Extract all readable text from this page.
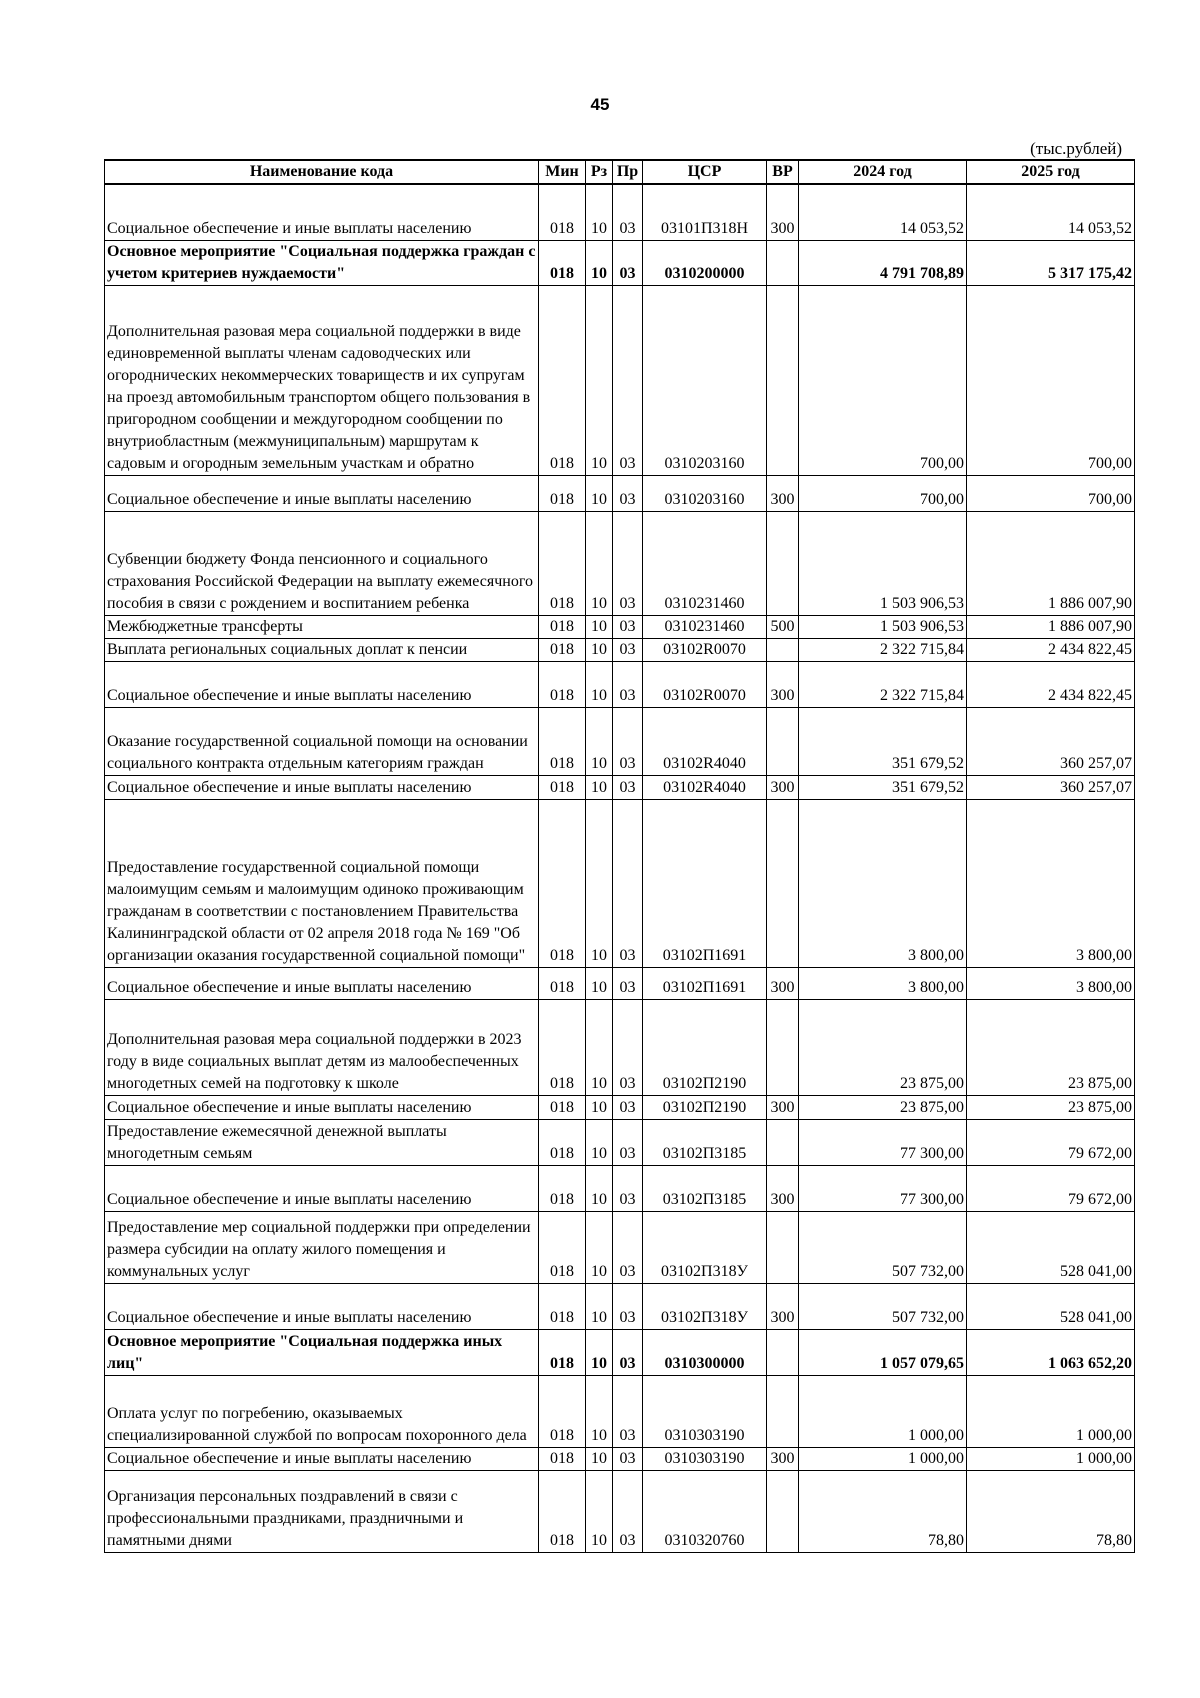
45
(тыс.рублей)
Наименование кода	Мин	Рз	Пр	ЦСР	ВР	2024 год	2025 год
Социальное обеспечение и иные выплаты населению	018	10	03	03101П318Н	300	14 053,52	14 053,52
Основное мероприятие "Социальная поддержка граждан с учетом критериев нуждаемости"	018	10	03	0310200000		4 791 708,89	5 317 175,42
Дополнительная разовая мера социальной поддержки в виде единовременной выплаты членам садоводческих или огороднических некоммерческих товариществ и их супругам на проезд автомобильным транспортом общего пользования в пригородном сообщении и междугородном сообщении по внутриобластным (межмуниципальным) маршрутам к садовым и огородным земельным участкам и обратно	018	10	03	0310203160		700,00	700,00
Социальное обеспечение и иные выплаты населению	018	10	03	0310203160	300	700,00	700,00
Субвенции бюджету Фонда пенсионного и социального страхования Российской Федерации на выплату ежемесячного пособия в связи с рождением и воспитанием ребенка	018	10	03	0310231460		1 503 906,53	1 886 007,90
Межбюджетные трансферты	018	10	03	0310231460	500	1 503 906,53	1 886 007,90
Выплата региональных социальных доплат к пенсии	018	10	03	03102R0070		2 322 715,84	2 434 822,45
Социальное обеспечение и иные выплаты населению	018	10	03	03102R0070	300	2 322 715,84	2 434 822,45
Оказание государственной социальной помощи на основании социального контракта отдельным категориям граждан	018	10	03	03102R4040		351 679,52	360 257,07
Социальное обеспечение и иные выплаты населению	018	10	03	03102R4040	300	351 679,52	360 257,07
Предоставление государственной социальной помощи малоимущим семьям и малоимущим одиноко проживающим гражданам в соответствии с постановлением Правительства Калининградской области от 02 апреля 2018 года № 169 "Об организации оказания государственной социальной помощи"	018	10	03	03102П1691		3 800,00	3 800,00
Социальное обеспечение и иные выплаты населению	018	10	03	03102П1691	300	3 800,00	3 800,00
Дополнительная разовая мера социальной поддержки в 2023 году в виде социальных выплат детям из малообеспеченных многодетных семей на подготовку к школе	018	10	03	03102П2190		23 875,00	23 875,00
Социальное обеспечение и иные выплаты населению	018	10	03	03102П2190	300	23 875,00	23 875,00
Предоставление ежемесячной денежной выплаты многодетным семьям	018	10	03	03102П3185		77 300,00	79 672,00
Социальное обеспечение и иные выплаты населению	018	10	03	03102П3185	300	77 300,00	79 672,00
Предоставление мер социальной поддержки при определении размера субсидии на оплату жилого помещения и коммунальных услуг	018	10	03	03102П318У		507 732,00	528 041,00
Социальное обеспечение и иные выплаты населению	018	10	03	03102П318У	300	507 732,00	528 041,00
Основное мероприятие "Социальная поддержка иных лиц"	018	10	03	0310300000		1 057 079,65	1 063 652,20
Оплата услуг по погребению, оказываемых специализированной службой по вопросам похоронного дела	018	10	03	0310303190		1 000,00	1 000,00
Социальное обеспечение и иные выплаты населению	018	10	03	0310303190	300	1 000,00	1 000,00
Организация персональных поздравлений в связи с профессиональными праздниками, праздничными и памятными днями	018	10	03	0310320760		78,80	78,80
